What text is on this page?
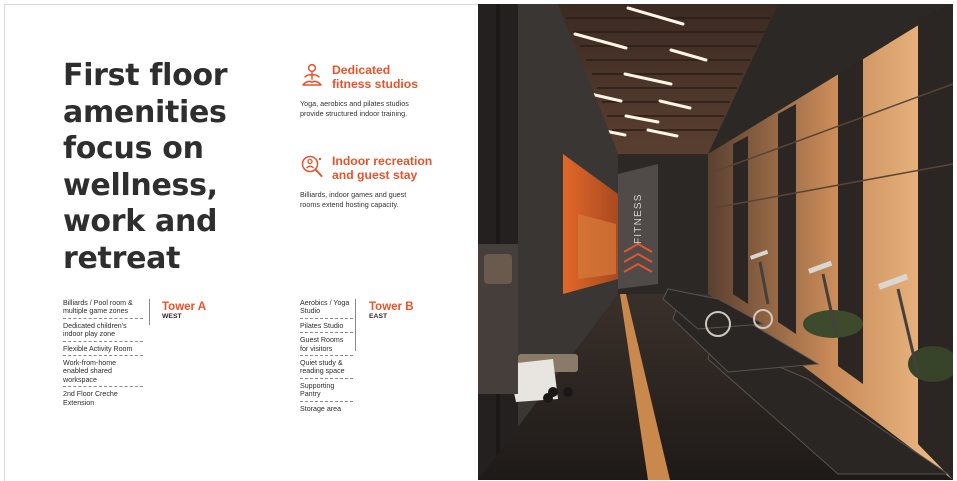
First floor
amenities
focus on
wellness,
work and
retreat
Dedicated
fitness studios
Yoga, aerobics and pilates studios provide structured indoor training.
Indoor recreation
and guest stay
Billiards, indoor games and guest rooms extend hosting capacity.
Billiards / Pool room & multiple game zones
Dedicated children's indoor play zone
Flexible Activity Room
Work-from-home enabled shared workspace
2nd Floor Creche Extension
Tower A
WEST
Aerobics / Yoga Studio
Pilates Studio
Guest Rooms for visitors
Quiet study & reading space
Supporting Pantry
Storage area
Tower B
EAST
FITNESS
